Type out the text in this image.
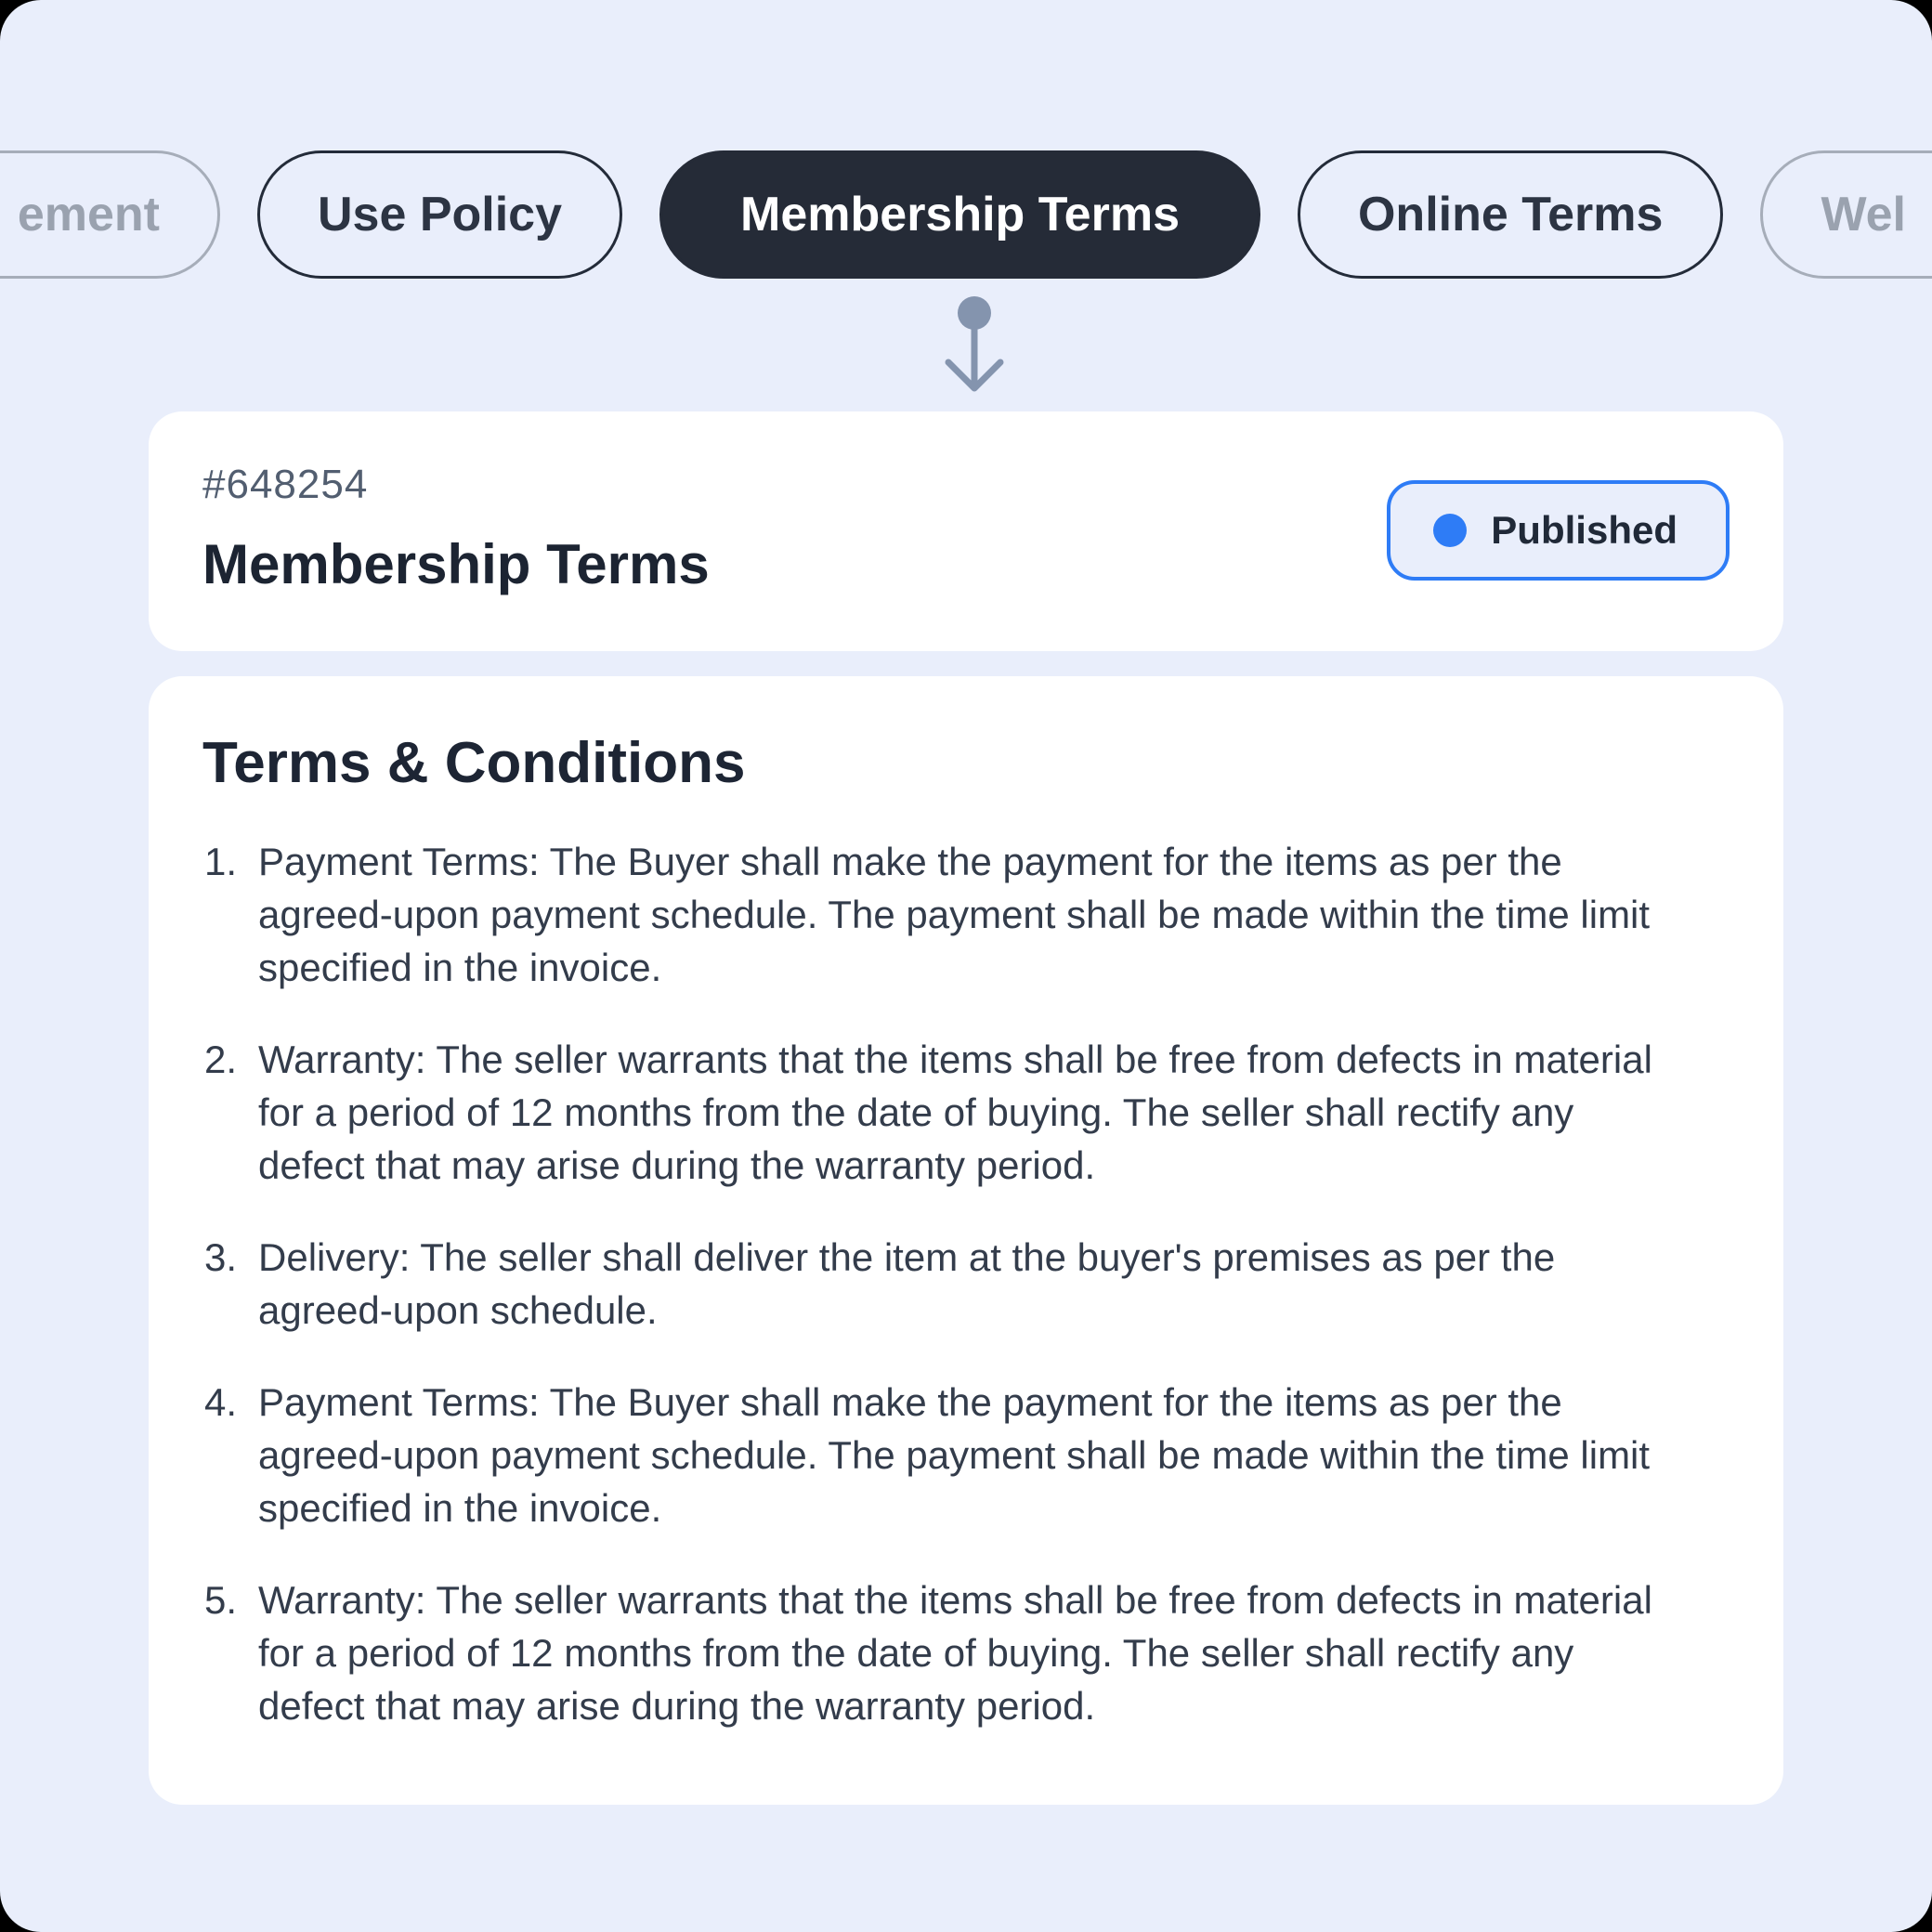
ement	Use Policy	Membership Terms	Online Terms	Wel
#648254
Membership Terms
Published
Terms & Conditions
1. Payment Terms: The Buyer shall make the payment for the items as per the agreed-upon payment schedule. The payment shall be made within the time limit specified in the invoice.
2. Warranty: The seller warrants that the items shall be free from defects in material for a period of 12 months from the date of buying. The seller shall rectify any defect that may arise during the warranty period.
3. Delivery: The seller shall deliver the item at the buyer's premises as per the agreed-upon schedule.
4. Payment Terms: The Buyer shall make the payment for the items as per the agreed-upon payment schedule. The payment shall be made within the time limit specified in the invoice.
5. Warranty: The seller warrants that the items shall be free from defects in material for a period of 12 months from the date of buying. The seller shall rectify any defect that may arise during the warranty period.
